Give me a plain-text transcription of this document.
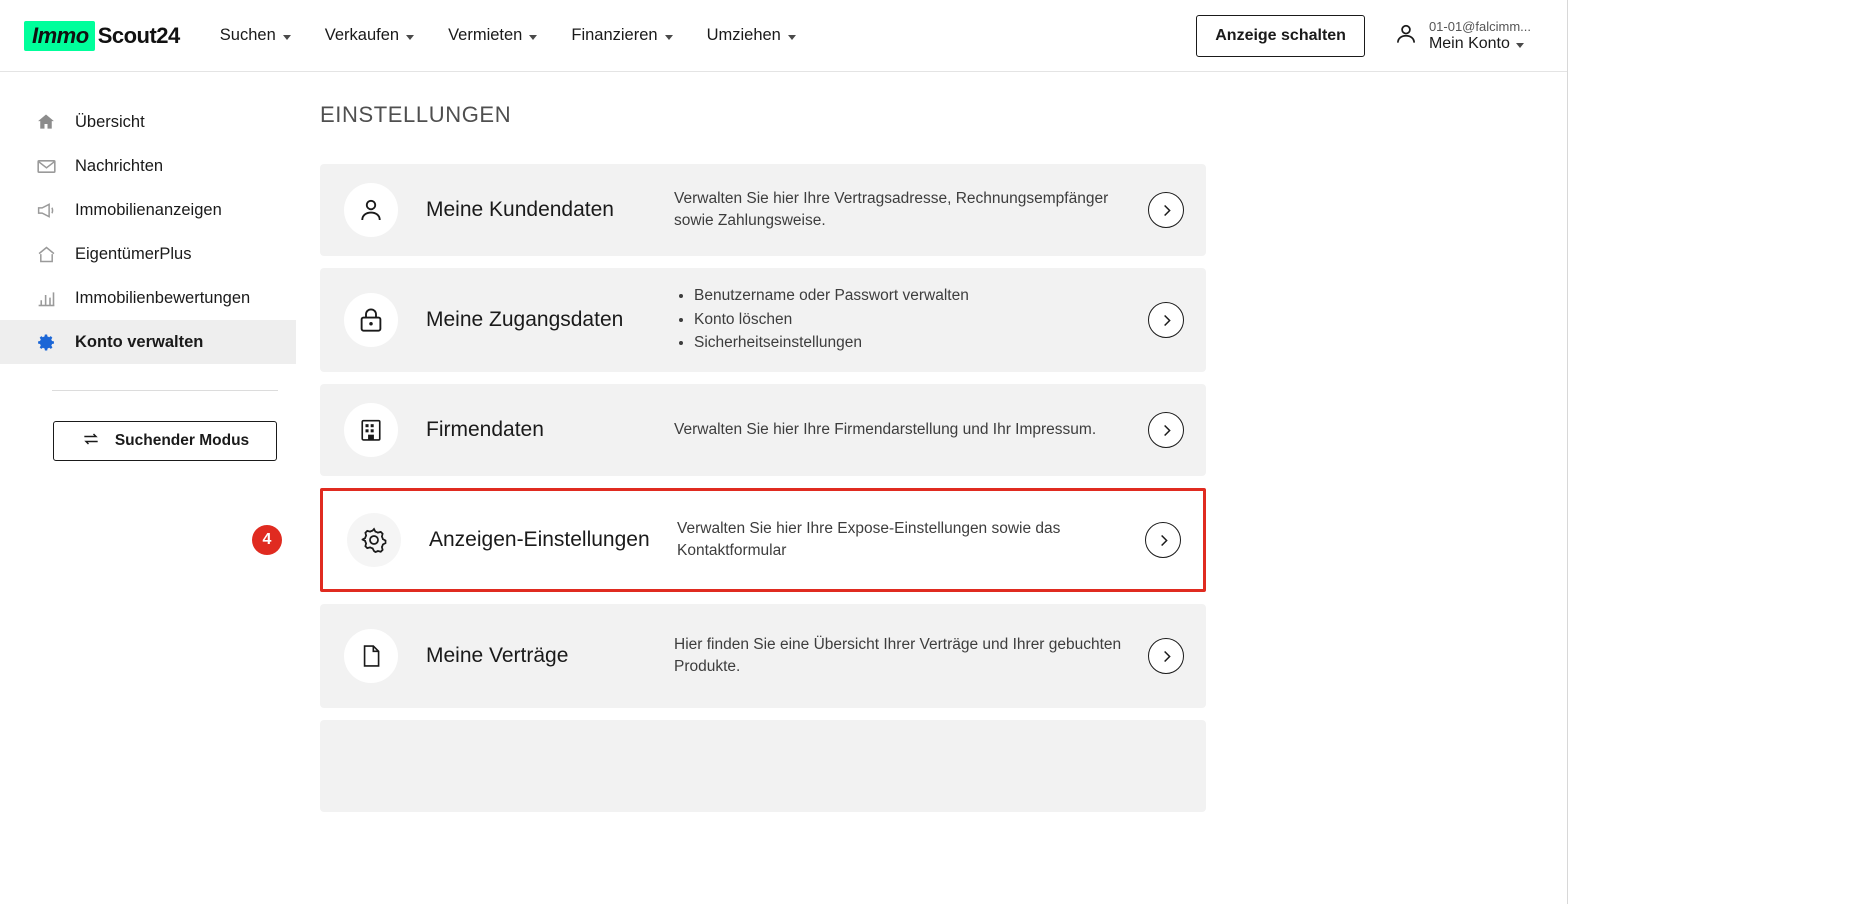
Immo Scout24 Suchen	Verkaufen	Vermieten	Finanzieren	Umziehen	Anzeige schalten
01-01@falcimm...
Mein Konto
Übersicht
Nachrichten
Immobilienanzeigen
EigentümerPlus
Immobilienbewertungen
Konto verwalten
Suchender Modus
EINSTELLUNGEN
Meine Kundendaten	Verwalten Sie hier Ihre Vertragsadresse, Rechnungsempfänger sowie Zahlungsweise.
Meine Zugangsdaten
• Benutzername oder Passwort verwalten
• Konto löschen
• Sicherheitseinstellungen
Firmendaten	Verwalten Sie hier Ihre Firmendarstellung und Ihr Impressum.
4	Anzeigen-Einstellungen	Verwalten Sie hier Ihre Expose-Einstellungen sowie das Kontaktformular
Meine Verträge	Hier finden Sie eine Übersicht Ihrer Verträge und Ihrer gebuchten Produkte.
